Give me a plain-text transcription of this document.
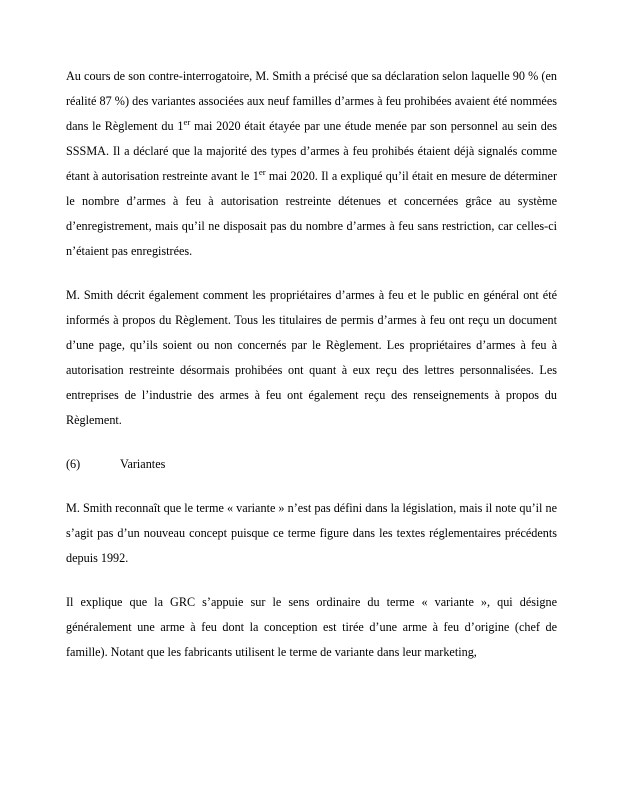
Au cours de son contre-interrogatoire, M. Smith a précisé que sa déclaration selon laquelle 90 % (en réalité 87 %) des variantes associées aux neuf familles d’armes à feu prohibées avaient été nommées dans le Règlement du 1er mai 2020 était étayée par une étude menée par son personnel au sein des SSSMA. Il a déclaré que la majorité des types d’armes à feu prohibés étaient déjà signalés comme étant à autorisation restreinte avant le 1er mai 2020. Il a expliqué qu’il était en mesure de déterminer le nombre d’armes à feu à autorisation restreinte détenues et concernées grâce au système d’enregistrement, mais qu’il ne disposait pas du nombre d’armes à feu sans restriction, car celles-ci n’étaient pas enregistrées.
M. Smith décrit également comment les propriétaires d’armes à feu et le public en général ont été informés à propos du Règlement. Tous les titulaires de permis d’armes à feu ont reçu un document d’une page, qu’ils soient ou non concernés par le Règlement. Les propriétaires d’armes à feu à autorisation restreinte désormais prohibées ont quant à eux reçu des lettres personnalisées. Les entreprises de l’industrie des armes à feu ont également reçu des renseignements à propos du Règlement.
(6)	Variantes
M. Smith reconnaît que le terme « variante » n’est pas défini dans la législation, mais il note qu’il ne s’agit pas d’un nouveau concept puisque ce terme figure dans les textes réglementaires précédents depuis 1992.
Il explique que la GRC s’appuie sur le sens ordinaire du terme « variante », qui désigne généralement une arme à feu dont la conception est tirée d’une arme à feu d’origine (chef de famille). Notant que les fabricants utilisent le terme de variante dans leur marketing,
